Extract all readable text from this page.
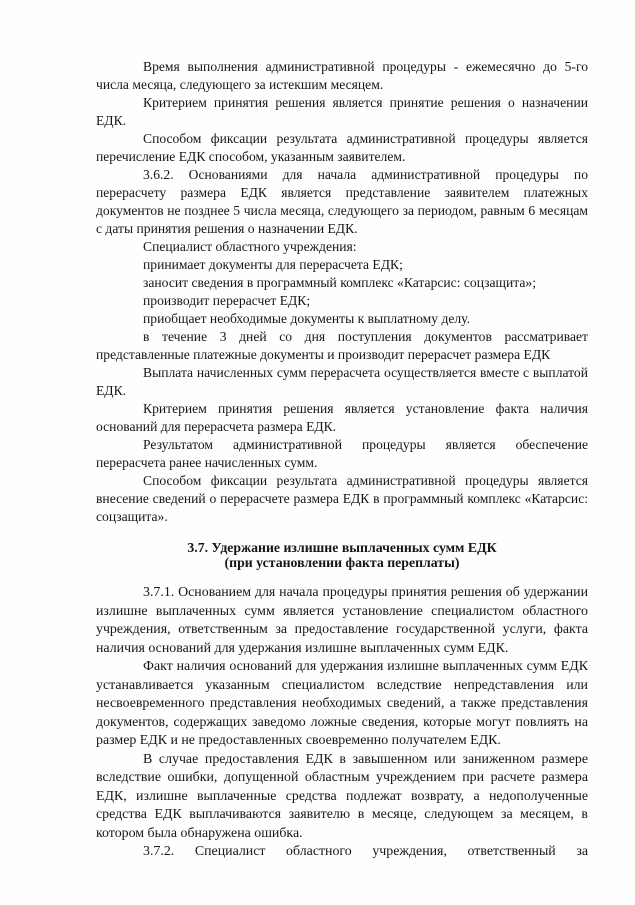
Время выполнения административной процедуры - ежемесячно до 5-го числа месяца, следующего за истекшим месяцем.

Критерием принятия решения является принятие решения о назначении ЕДК.

Способом фиксации результата административной процедуры является перечисление ЕДК способом, указанным заявителем.

3.6.2. Основаниями для начала административной процедуры по перерасчету размера ЕДК является представление заявителем платежных документов не позднее 5 числа месяца, следующего за периодом, равным 6 месяцам с даты принятия решения о назначении ЕДК.

Специалист областного учреждения:

принимает документы для перерасчета ЕДК;

заносит сведения в программный комплекс «Катарсис: соцзащита»;

производит перерасчет ЕДК;

приобщает необходимые документы к выплатному делу.

в течение 3 дней со дня поступления документов рассматривает представленные платежные документы и производит перерасчет размера ЕДК

Выплата начисленных сумм перерасчета осуществляется вместе с выплатой ЕДК.

Критерием принятия решения является установление факта наличия оснований для перерасчета размера ЕДК.

Результатом административной процедуры является обеспечение перерасчета ранее начисленных сумм.

Способом фиксации результата административной процедуры является внесение сведений о перерасчете размера ЕДК в программный комплекс «Катарсис: соцзащита».

3.7. Удержание излишне выплаченных сумм ЕДК
(при установлении факта переплаты)

3.7.1. Основанием для начала процедуры принятия решения об удержании излишне выплаченных сумм является установление специалистом областного учреждения, ответственным за предоставление государственной услуги, факта наличия оснований для удержания излишне выплаченных сумм ЕДК.

Факт наличия оснований для удержания излишне выплаченных сумм ЕДК устанавливается указанным специалистом вследствие непредставления или несвоевременного представления необходимых сведений, а также представления документов, содержащих заведомо ложные сведения, которые могут повлиять на размер ЕДК и не предоставленных своевременно получателем ЕДК.

В случае предоставления ЕДК в завышенном или заниженном размере вследствие ошибки, допущенной областным учреждением при расчете размера ЕДК, излишне выплаченные средства подлежат возврату, а недополученные средства ЕДК выплачиваются заявителю в месяце, следующем за месяцем, в котором была обнаружена ошибка.

3.7.2. Специалист областного учреждения, ответственный за
